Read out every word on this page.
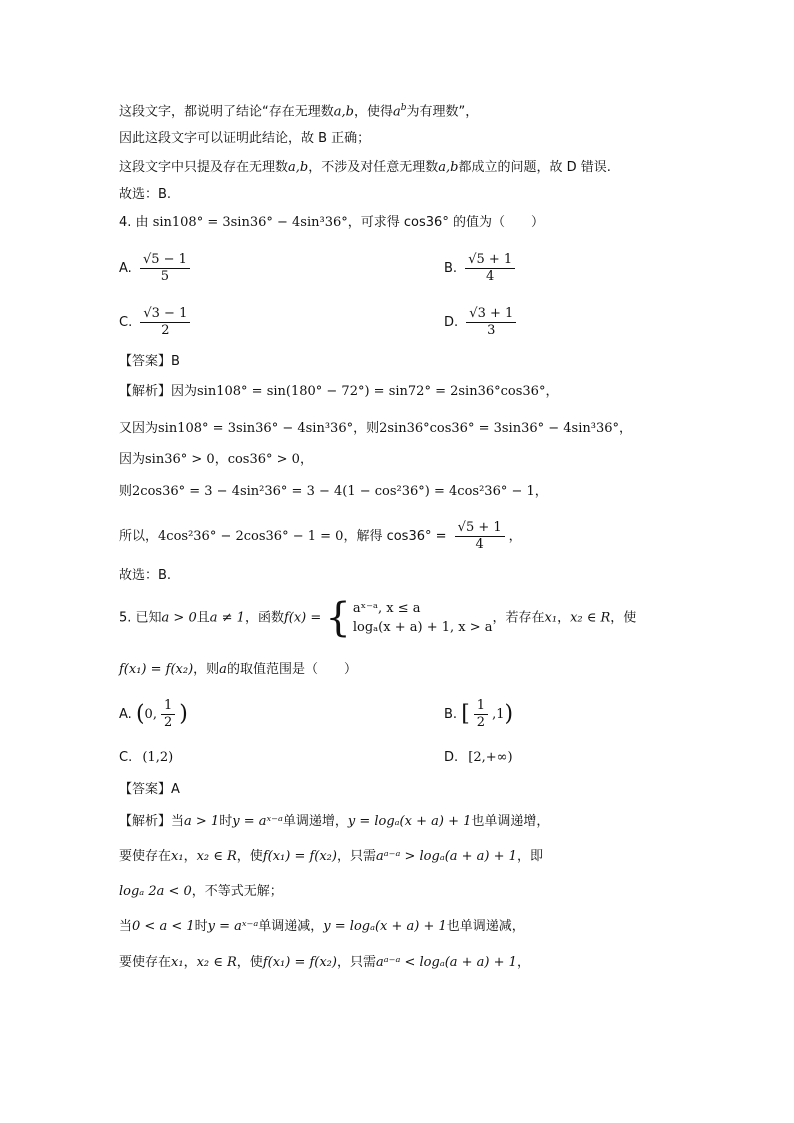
这段文字，都说明了结论“存在无理数a,b，使得$a^b$为有理数”，
因此这段文字可以证明此结论，故 B 正确；
这段文字中只提及存在无理数a,b，不涉及对任意无理数a,b都成立的问题，故 D 错误.
故选：B.
4. 由 sin108° = 3sin36° − 4sin³36°，可求得 cos36° 的值为（　　）
A. $\frac{√5 - 1}{5}$	B. $\frac{√5 + 1}{4}$
C. $\frac{√3 - 1}{2}$	D. $\frac{√3 + 1}{3}$
【答案】B
【解析】因为sin108° = sin(180° − 72°) = sin72° = 2sin36°cos36°，
又因为sin108° = 3sin36° − 4sin³36°，则2sin36°cos36° = 3sin36° − 4sin³36°，
因为sin36° > 0，cos36° > 0，
则2cos36° = 3 − 4sin²36° = 3 − 4(1 − cos²36°) = 4cos²36° − 1，
所以，4cos²36° − 2cos36° − 1 = 0，解得 $\cos 36^\circ = \frac{√5 + 1}{4}$ ，
故选：B.
5. 已知a > 0且a ≠ 1，函数f(x) = { aˣ⁻ᵃ, x ≤ a
logₐ(x + a) + 1, x > a
，若存在x₁，x₂ ∈ R，使
f(x₁) = f(x₂)，则a的取值范围是（　　）
A. (0, $\frac{1}{2}$ )	B. [ $\frac{1}{2} ,1$)
C. (1,2)	D. [2,+∞)
【答案】A
【解析】当a > 1时y = aˣ⁻ᵃ单调递增，y = logₐ(x + a) + 1也单调递增，
要使存在x₁，x₂ ∈ R，使f(x₁) = f(x₂)，只需aᵃ⁻ᵃ > logₐ(a + a) + 1，即
logₐ 2a < 0，不等式无解；
当0 < a < 1时y = aˣ⁻ᵃ单调递减，y = logₐ(x + a) + 1也单调递减，
要使存在x₁，x₂ ∈ R，使f(x₁) = f(x₂)，只需aᵃ⁻ᵃ < logₐ(a + a) + 1，
